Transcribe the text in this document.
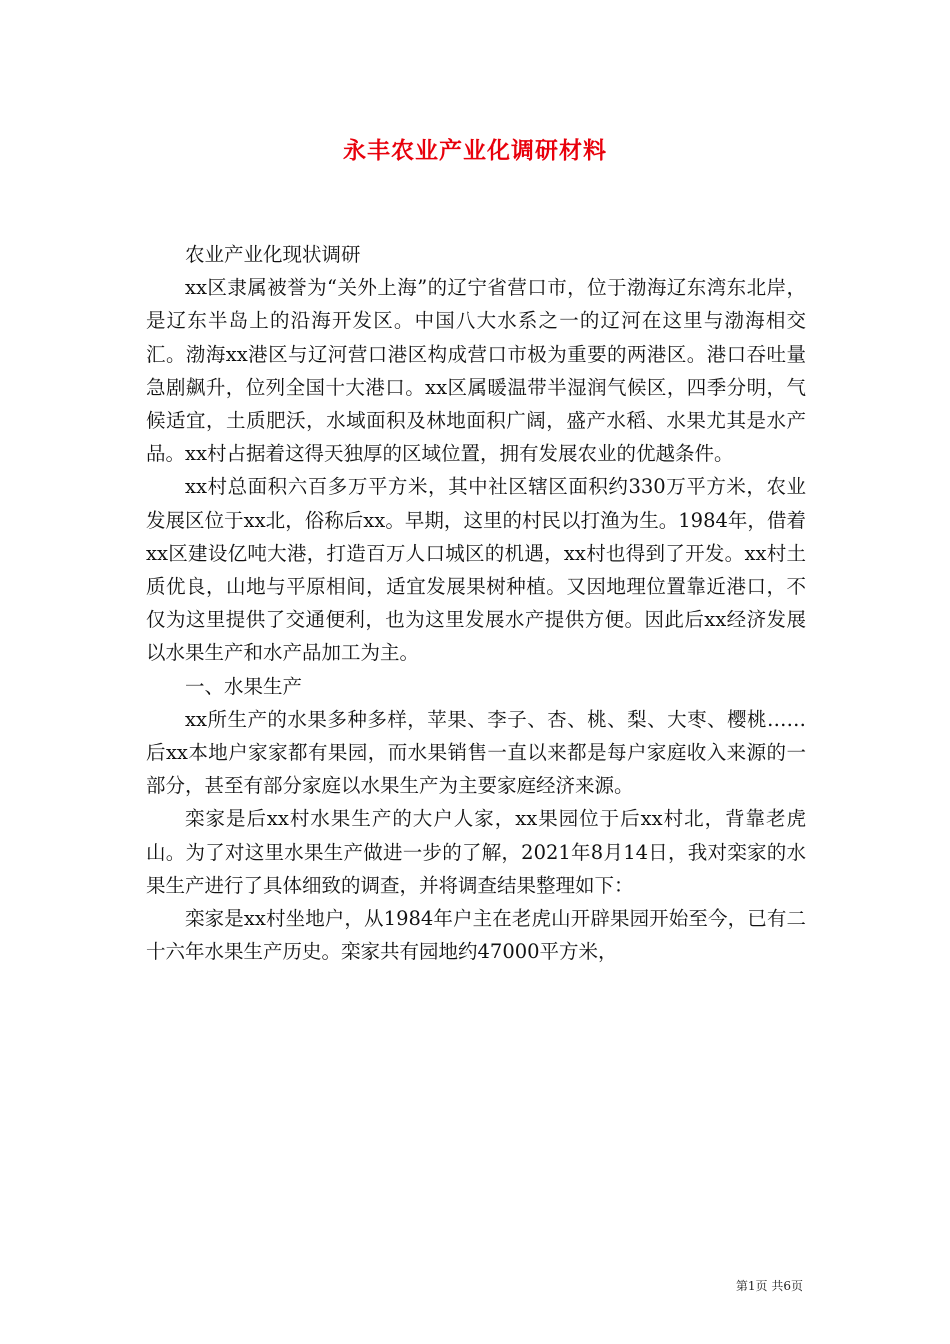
永丰农业产业化调研材料

农业产业化现状调研

xx区隶属被誉为“关外上海”的辽宁省营口市，位于渤海辽东湾东北岸，是辽东半岛上的沿海开发区。中国八大水系之一的辽河在这里与渤海相交汇。渤海xx港区与辽河营口港区构成营口市极为重要的两港区。港口吞吐量急剧飙升，位列全国十大港口。xx区属暖温带半湿润气候区，四季分明，气候适宜，土质肥沃，水域面积及林地面积广阔，盛产水稻、水果尤其是水产品。xx村占据着这得天独厚的区域位置，拥有发展农业的优越条件。

xx村总面积六百多万平方米，其中社区辖区面积约330万平方米，农业发展区位于xx北，俗称后xx。早期，这里的村民以打渔为生。1984年，借着xx区建设亿吨大港，打造百万人口城区的机遇，xx村也得到了开发。xx村土质优良，山地与平原相间，适宜发展果树种植。又因地理位置靠近港口，不仅为这里提供了交通便利，也为这里发展水产提供方便。因此后xx经济发展以水果生产和水产品加工为主。

一、水果生产

xx所生产的水果多种多样，苹果、李子、杏、桃、梨、大枣、樱桃……后xx本地户家家都有果园，而水果销售一直以来都是每户家庭收入来源的一部分，甚至有部分家庭以水果生产为主要家庭经济来源。

栾家是后xx村水果生产的大户人家，xx果园位于后xx村北，背靠老虎山。为了对这里水果生产做进一步的了解，2021年8月14日，我对栾家的水果生产进行了具体细致的调查，并将调查结果整理如下：

栾家是xx村坐地户，从1984年户主在老虎山开辟果园开始至今，已有二十六年水果生产历史。栾家共有园地约47000平方米，

第1页 共6页
